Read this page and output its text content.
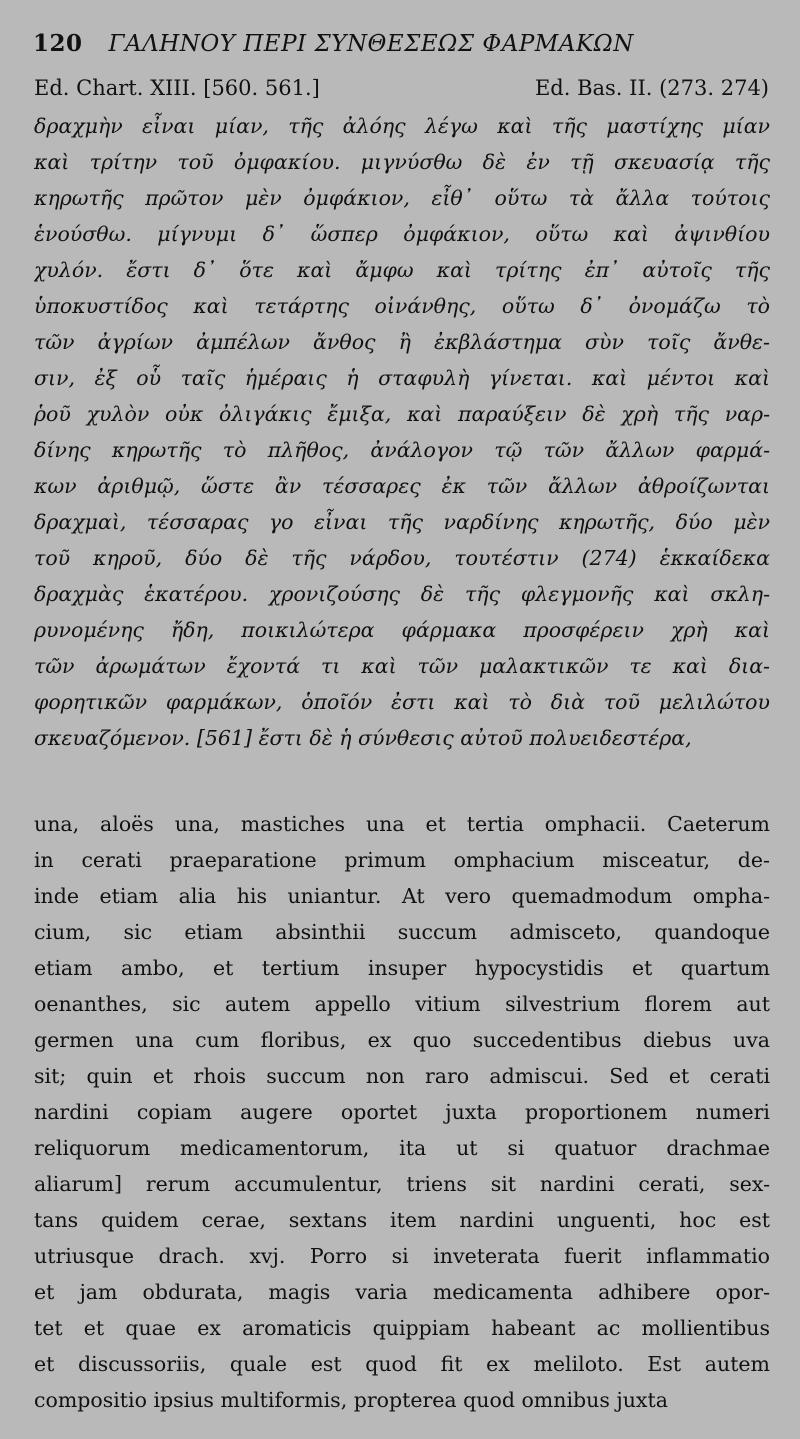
120 ΓΑΛΗΝΟΥ ΠΕΡΙ ΣΥΝΘΕΣΕΩΣ ΦΑΡΜΑΚΩΝ
Ed. Chart. XIII. [560. 561.]	Ed. Bas. II. (273. 274)
δραχμὴν εἶναι μίαν, τῆς ἀλόης λέγω καὶ τῆς μαστίχης μίαν
καὶ τρίτην τοῦ ὀμφακίου. μιγνύσθω δὲ ἐν τῇ σκευασίᾳ τῆς
κηρωτῆς πρῶτον μὲν ὀμφάκιον, εἶθ᾽ οὕτω τὰ ἄλλα τούτοις
ἑνούσθω. μίγνυμι δ᾽ ὥσπερ ὀμφάκιον, οὕτω καὶ ἀψινθίου
χυλόν. ἔστι δ᾽ ὅτε καὶ ἄμφω καὶ τρίτης ἐπ᾽ αὐτοῖς τῆς
ὑποκυστίδος καὶ τετάρτης οἰνάνθης, οὕτω δ᾽ ὀνομάζω τὸ
τῶν ἀγρίων ἀμπέλων ἄνθος ἢ ἐκβλάστημα σὺν τοῖς ἄνθε-
σιν, ἐξ οὗ ταῖς ἡμέραις ἡ σταφυλὴ γίνεται. καὶ μέντοι καὶ
ῥοῦ χυλὸν οὐκ ὀλιγάκις ἔμιξα, καὶ παραύξειν δὲ χρὴ τῆς ναρ-
δίνης κηρωτῆς τὸ πλῆθος, ἀνάλογον τῷ τῶν ἄλλων φαρμά-
κων ἀριθμῷ, ὥστε ἂν τέσσαρες ἐκ τῶν ἄλλων ἀθροίζωνται
δραχμαὶ, τέσσαρας γο εἶναι τῆς ναρδίνης κηρωτῆς, δύο μὲν
τοῦ κηροῦ, δύο δὲ τῆς νάρδου, τουτέστιν (274) ἑκκαίδεκα
δραχμὰς ἑκατέρου. χρονιζούσης δὲ τῆς φλεγμονῆς καὶ σκλη-
ρυνομένης ἤδη, ποικιλώτερα φάρμακα προσφέρειν χρὴ καὶ
τῶν ἀρωμάτων ἔχοντά τι καὶ τῶν μαλακτικῶν τε καὶ δια-
φορητικῶν φαρμάκων, ὁποῖόν ἐστι καὶ τὸ διὰ τοῦ μελιλώτου
σκευαζόμενον. [561] ἔστι δὲ ἡ σύνθεσις αὐτοῦ πολυειδεστέρα,
una, aloës una, mastiches una et tertia omphacii. Caeterum
in cerati praeparatione primum omphacium misceatur, de-
inde etiam alia his uniantur. At vero quemadmodum ompha-
cium, sic etiam absinthii succum admisceto, quandoque
etiam ambo, et tertium insuper hypocystidis et quartum
oenanthes, sic autem appello vitium silvestrium florem aut
germen una cum floribus, ex quo succedentibus diebus uva
sit; quin et rhois succum non raro admiscui. Sed et cerati
nardini copiam augere oportet juxta proportionem numeri
reliquorum medicamentorum, ita ut si quatuor drachmae
aliarum] rerum accumulentur, triens sit nardini cerati, sex-
tans quidem cerae, sextans item nardini unguenti, hoc est
utriusque drach. xvj. Porro si inveterata fuerit inflammatio
et jam obdurata, magis varia medicamenta adhibere opor-
tet et quae ex aromaticis quippiam habeant ac mollientibus
et discussoriis, quale est quod fit ex meliloto. Est autem
compositio ipsius multiformis, propterea quod omnibus juxta
